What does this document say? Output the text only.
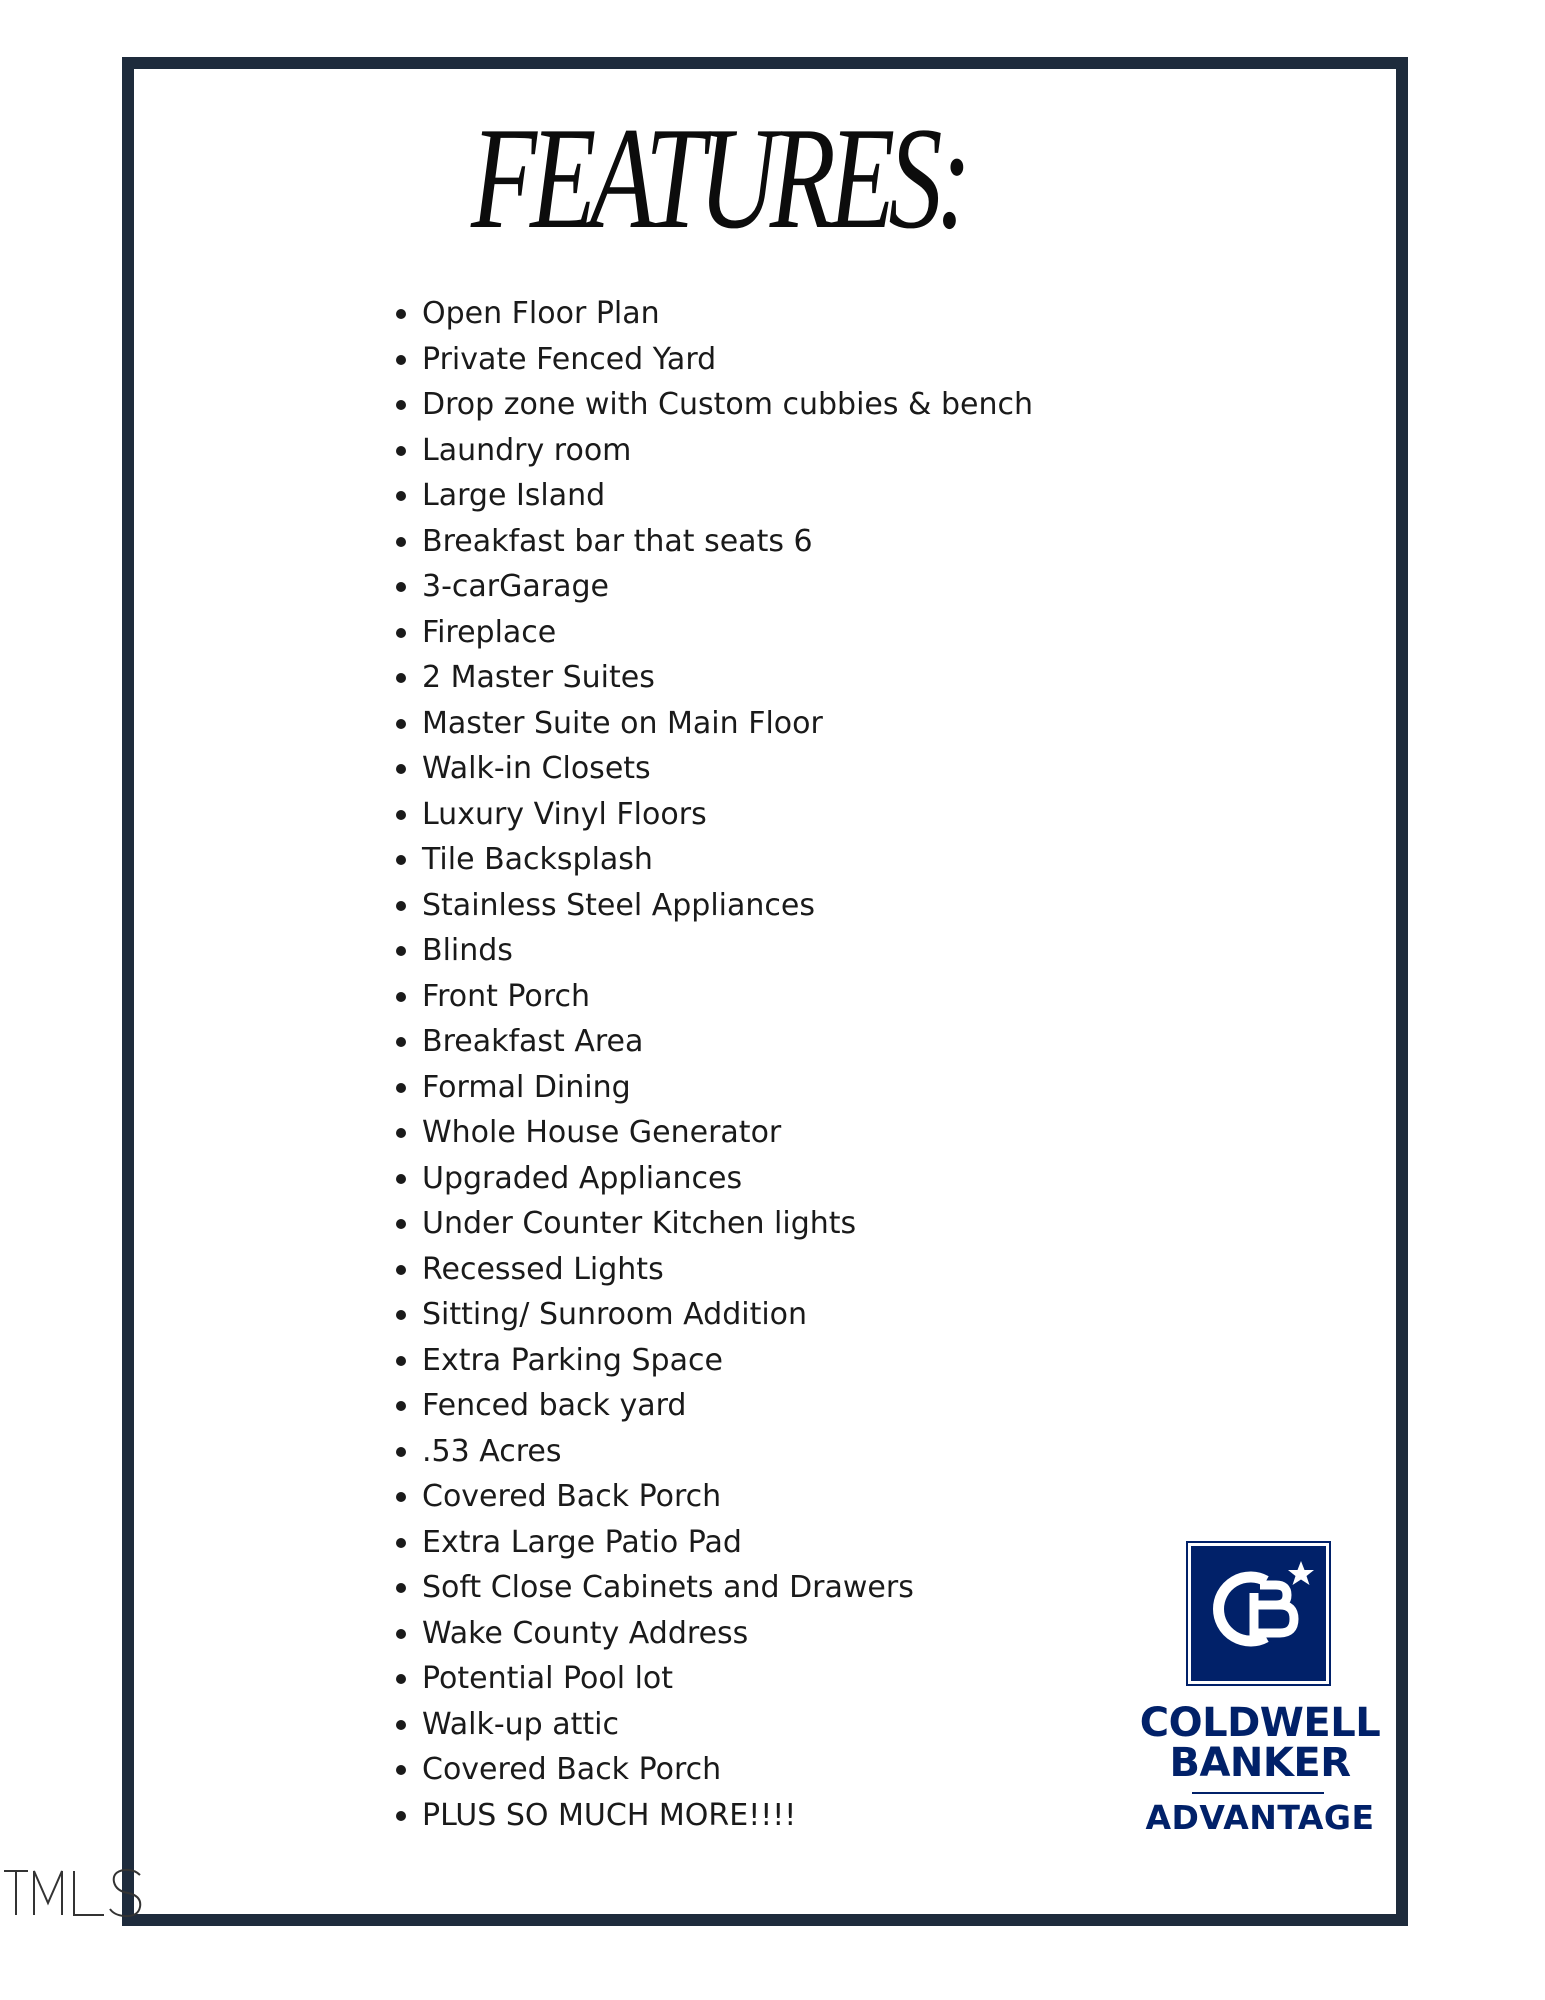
FEATURES:
Open Floor Plan
Private Fenced Yard
Drop zone with Custom cubbies & bench
Laundry room
Large Island
Breakfast bar that seats 6
3-carGarage
Fireplace
2 Master Suites
Master Suite on Main Floor
Walk-in Closets
Luxury Vinyl Floors
Tile Backsplash
Stainless Steel Appliances
Blinds
Front Porch
Breakfast Area
Formal Dining
Whole House Generator
Upgraded Appliances
Under Counter Kitchen lights
Recessed Lights
Sitting/ Sunroom Addition
Extra Parking Space
Fenced back yard
.53 Acres
Covered Back Porch
Extra Large Patio Pad
Soft Close Cabinets and Drawers
Wake County Address
Potential Pool lot
Walk-up attic
Covered Back Porch
PLUS SO MUCH MORE!!!!
COLDWELL
BANKER
ADVANTAGE
